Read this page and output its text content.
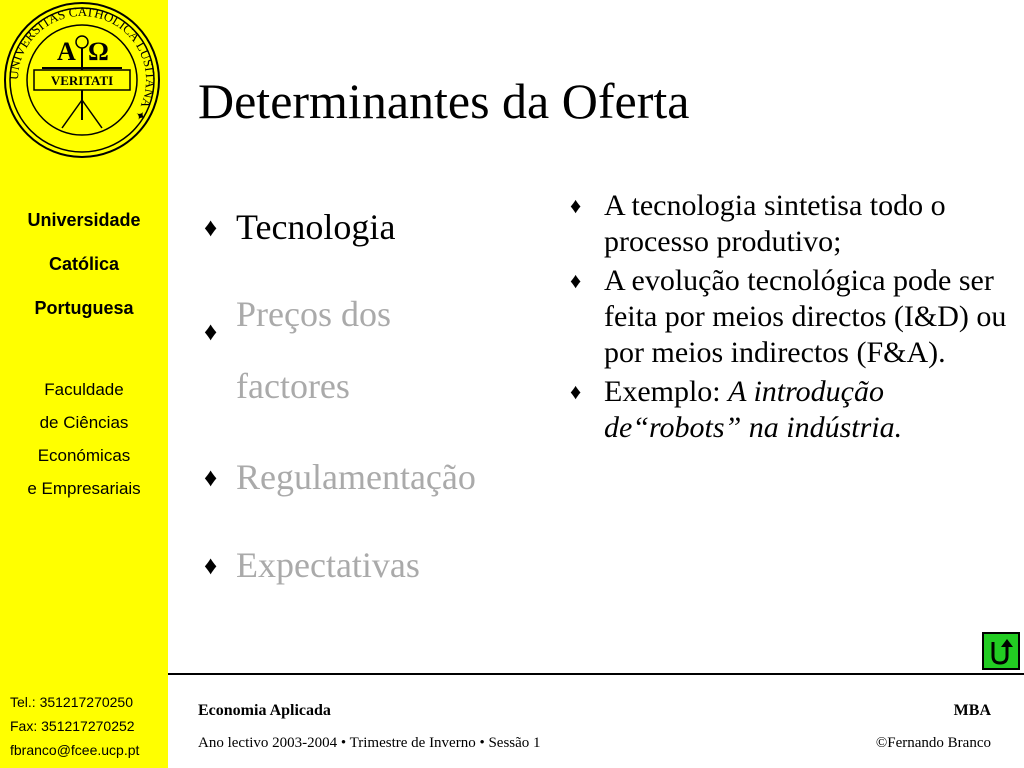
UNIVERSITAS CATHOLICA LUSITANA ✦
A Ω
VERITATI
Universidade
Católica
Portuguesa
Faculdade
de Ciências
Económicas
e Empresariais
Tel.: 351217270250
Fax: 351217270252
fbranco@fcee.ucp.pt
Determinantes da Oferta
♦ Tecnologia
♦ Preços dos factores
♦ Regulamentação
♦ Expectativas
♦ A tecnologia sintetisa todo o processo produtivo;
♦ A evolução tecnológica pode ser feita por meios directos (I&D) ou por meios indirectos (F&A).
♦ Exemplo: A introdução de“robots” na indústria.
Economia Aplicada
Ano lectivo 2003-2004 • Trimestre de Inverno • Sessão 1
MBA
©Fernando Branco
